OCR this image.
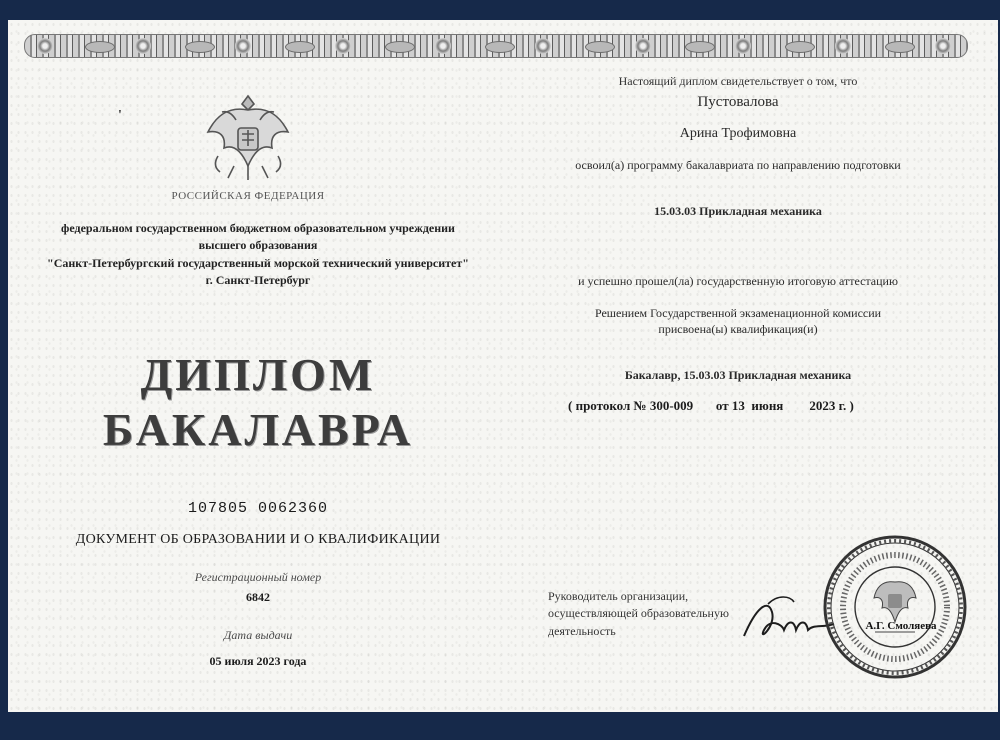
'
РОССИЙСКАЯ ФЕДЕРАЦИЯ
федеральном государственном бюджетном образовательном учреждении
высшего образования
"Санкт-Петербургский государственный морской технический университет"
г. Санкт-Петербург
ДИПЛОМ
БАКАЛАВРА
107805 0062360
ДОКУМЕНТ ОБ ОБРАЗОВАНИИ И О КВАЛИФИКАЦИИ
Регистрационный номер
6842
Дата выдачи
05 июля 2023 года
Настоящий диплом свидетельствует о том, что
Пустовалова
Арина Трофимовна
освоил(а) программу бакалавриата по направлению подготовки
15.03.03 Прикладная механика
и успешно прошел(ла) государственную итоговую аттестацию
Решением Государственной экзаменационной комиссии
присвоена(ы) квалификация(и)
Бакалавр, 15.03.03 Прикладная механика
( протокол № 300-009       от 13  июня        2023 г. )
Руководитель организации,
осуществляющей образовательную
деятельность	А.Г. Смоляева
